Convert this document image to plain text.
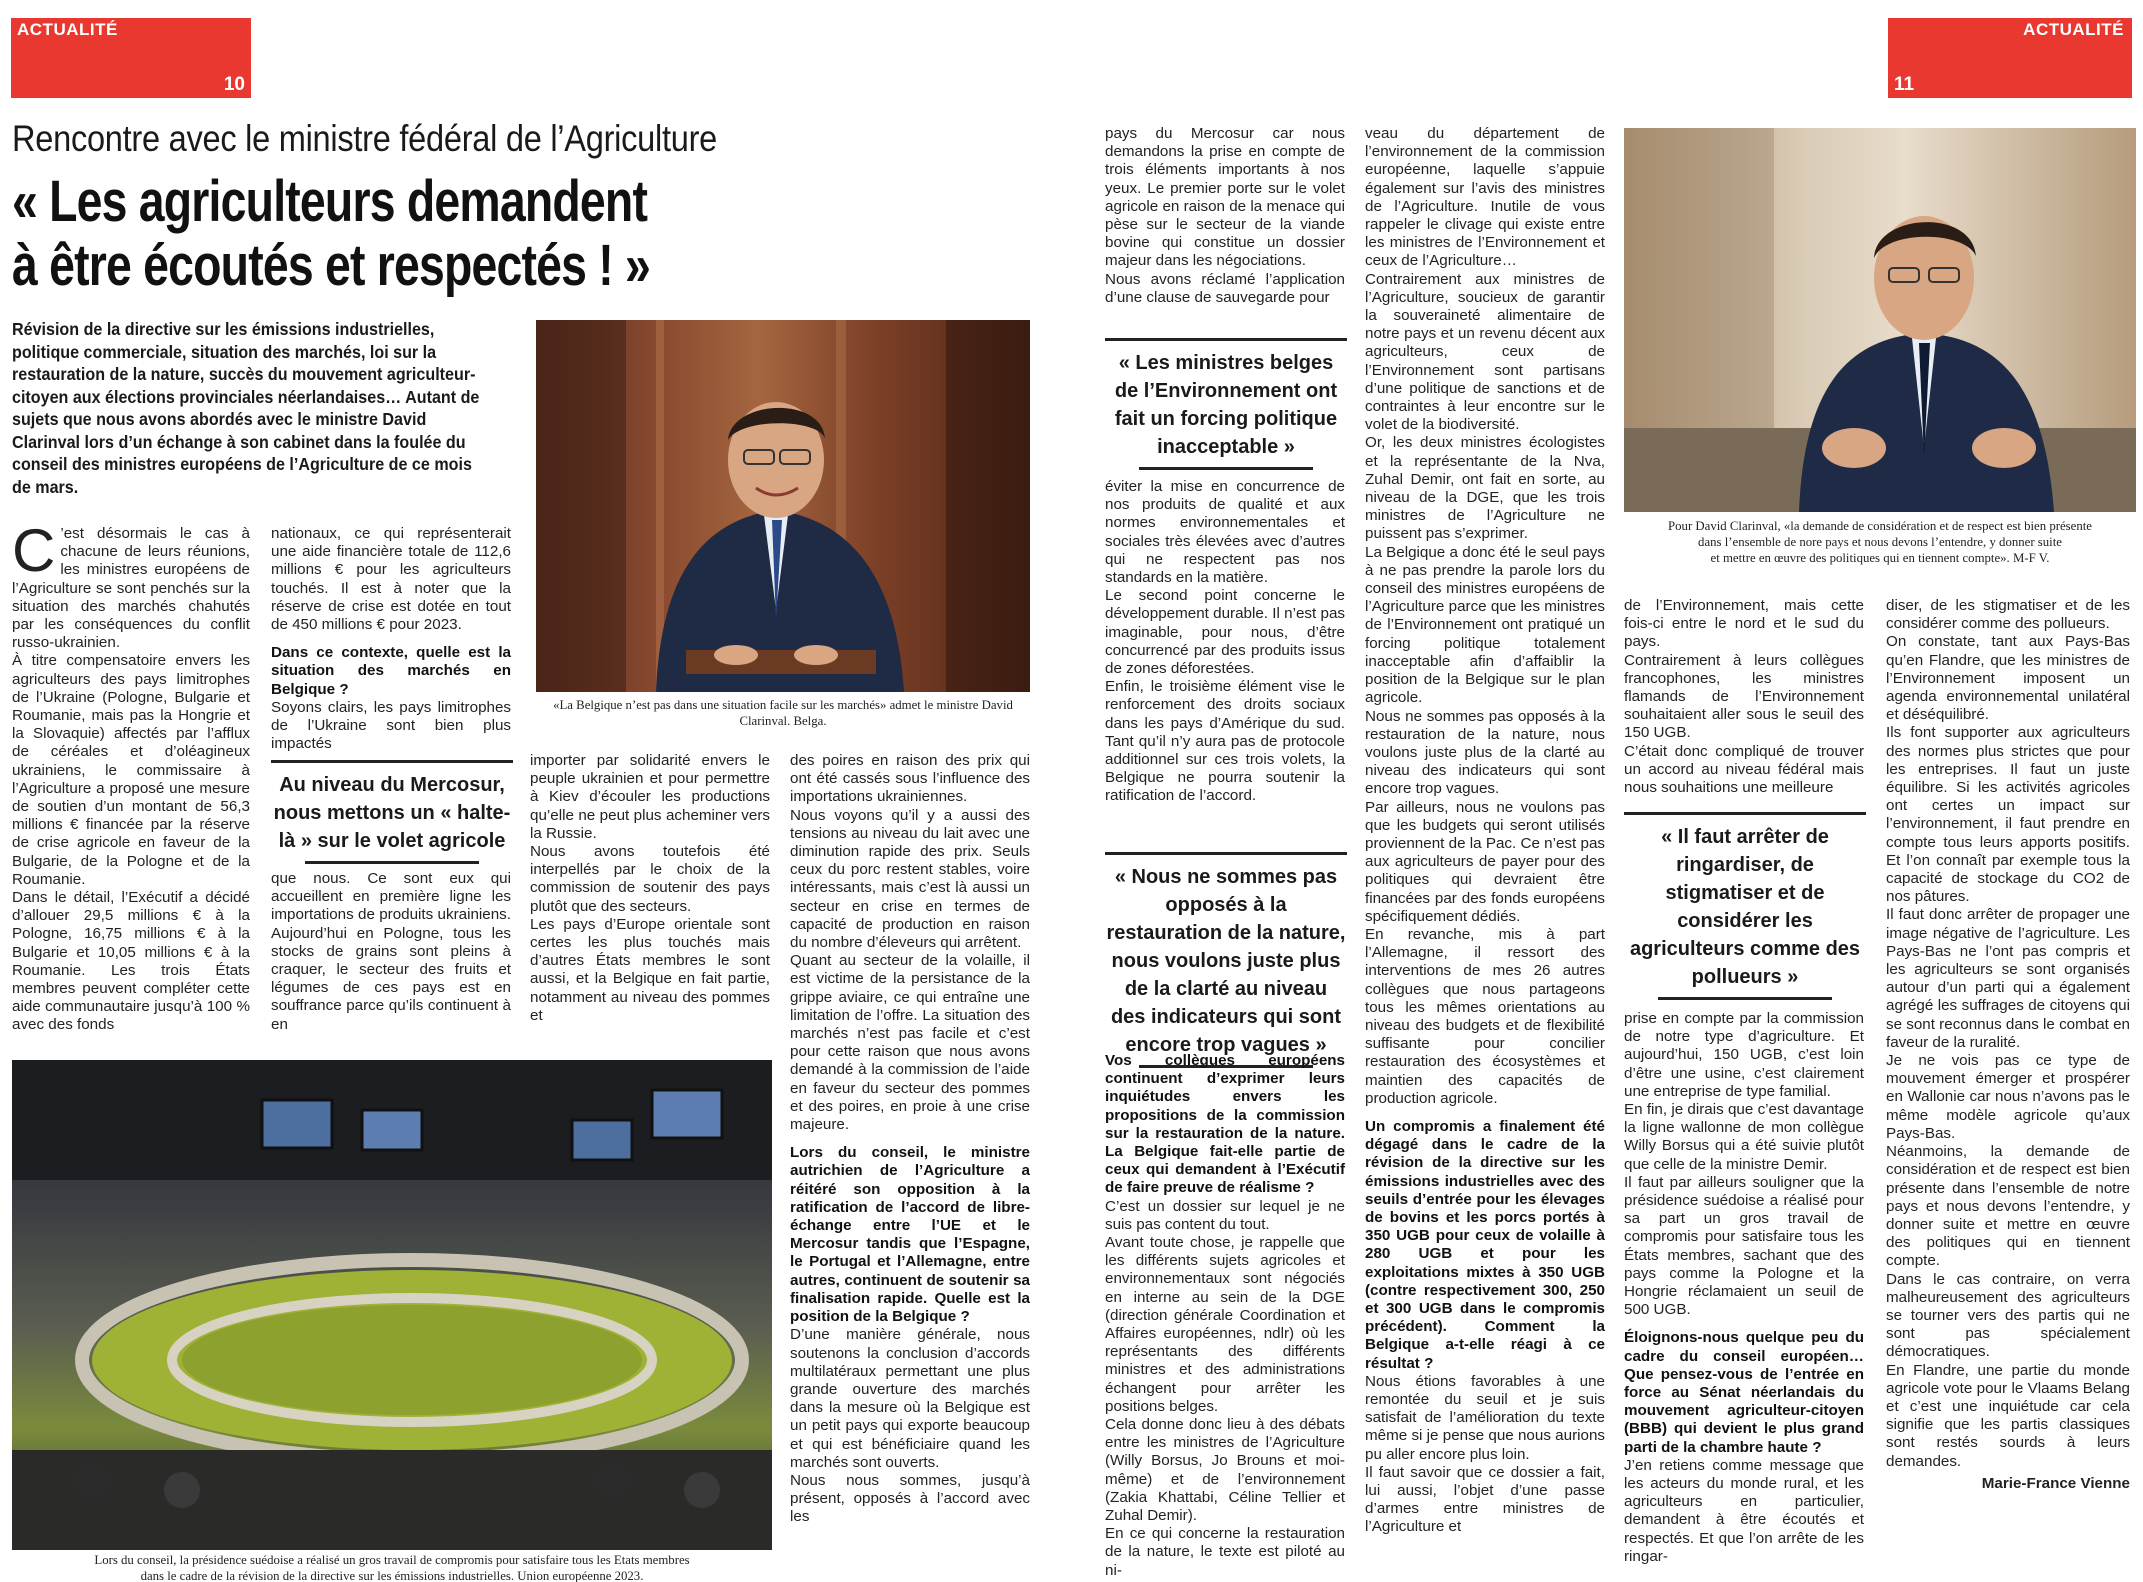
ACTUALITÉ
10
ACTUALITÉ
11
Rencontre avec le ministre fédéral de l’Agriculture
« Les agriculteurs demandent
à être écoutés et respectés ! »
Révision de la directive sur les émissions industrielles, politique commerciale, situation des marchés, loi sur la restauration de la nature, succès du mouvement agriculteur-citoyen aux élections provinciales néerlandaises… Autant de sujets que nous avons abordés avec le ministre David Clarinval lors d’un échange à son cabinet dans la foulée du conseil des ministres européens de l’Agriculture de ce mois de mars.
«La Belgique n’est pas dans une situation facile sur les marchés» admet le ministre David Clarinval. Belga.
Lors du conseil, la présidence suédoise a réalisé un gros travail de compromis pour satisfaire tous les Etats membres
dans le cadre de la révision de la directive sur les émissions industrielles. Union européenne 2023.
Pour David Clarinval, «la demande de considération et de respect est bien présente
dans l’ensemble de nore pays et nous devons l’entendre, y donner suite
et mettre en œuvre des politiques qui en tiennent compte». M-F V.

C ’est désormais le cas à chacune de leurs réunions, les ministres européens de l’Agriculture se sont penchés sur la situation des marchés chahutés par les conséquences du conflit russo-ukrainien.

À titre compensatoire envers les agriculteurs des pays limitrophes de l’Ukraine (Pologne, Bulgarie et Roumanie, mais pas la Hongrie et la Slovaquie) affectés par l’afflux de céréales et d’oléagineux ukrainiens, le commissaire à l’Agriculture a proposé une mesure de soutien d’un montant de 56,3 millions € financée par la réserve de crise agricole en faveur de la Bulgarie, de la Pologne et de la Roumanie.

Dans le détail, l’Exécutif a décidé d’allouer 29,5 millions € à la Pologne, 16,75 millions € à la Bulgarie et 10,05 millions € à la Roumanie. Les trois États membres peuvent compléter cette aide communautaire jusqu’à 100 % avec des fonds

nationaux, ce qui représenterait une aide financière totale de 112,6 millions € pour les agriculteurs touchés. Il est à noter que la réserve de crise est dotée en tout de 450 millions € pour 2023.

Dans ce contexte, quelle est la situation des marchés en Belgique ?

Soyons clairs, les pays limitrophes de l’Ukraine sont bien plus impactés

Au niveau du Mercosur, nous mettons un « halte-là » sur le volet agricole

que nous. Ce sont eux qui accueillent en première ligne les importations de produits ukrainiens. Aujourd’hui en Pologne, tous les stocks de grains sont pleins à craquer, le secteur des fruits et légumes de ces pays est en souffrance parce qu’ils continuent à en

importer par solidarité envers le peuple ukrainien et pour permettre à Kiev d’écouler les productions qu’elle ne peut plus acheminer vers la Russie.

Nous avons toutefois été interpellés par le choix de la commission de soutenir des pays plutôt que des secteurs.

Les pays d’Europe orientale sont certes les plus touchés mais d’autres États membres le sont aussi, et la Belgique en fait partie, notamment au niveau des pommes et

des poires en raison des prix qui ont été cassés sous l’influence des importations ukrainiennes.

Nous voyons qu’il y a aussi des tensions au niveau du lait avec une diminution rapide des prix. Seuls ceux du porc restent stables, voire intéressants, mais c’est là aussi un secteur en crise en termes de capacité de production en raison du nombre d’éleveurs qui arrêtent.

Quant au secteur de la volaille, il est victime de la persistance de la grippe aviaire, ce qui entraîne une limitation de l’offre. La situation des marchés n’est pas facile et c’est pour cette raison que nous avons demandé à la commission de l’aide en faveur du secteur des pommes et des poires, en proie à une crise majeure.

Lors du conseil, le ministre autrichien de l’Agriculture a réitéré son opposition à la ratification de l’accord de libre-échange entre l’UE et le Mercosur tandis que l’Espagne, le Portugal et l’Allemagne, entre autres, continuent de soutenir sa finalisation rapide. Quelle est la position de la Belgique ?

D’une manière générale, nous soutenons la conclusion d’accords multilatéraux permettant une plus grande ouverture des marchés dans la mesure où la Belgique est un petit pays qui exporte beaucoup et qui est bénéficiaire quand les marchés sont ouverts.

Nous nous sommes, jusqu’à présent, opposés à l’accord avec les

pays du Mercosur car nous demandons la prise en compte de trois éléments importants à nos yeux. Le premier porte sur le volet agricole en raison de la menace qui pèse sur le secteur de la viande bovine qui constitue un dossier majeur dans les négociations.

Nous avons réclamé l’application d’une clause de sauvegarde pour

« Les ministres belges de l’Environnement ont fait un forcing politique inacceptable »

éviter la mise en concurrence de nos produits de qualité et aux normes environnementales et sociales très élevées avec d’autres qui ne respectent pas nos standards en la matière.

Le second point concerne le développement durable. Il n’est pas imaginable, pour nous, d’être concurrencé par des produits issus de zones déforestées.

Enfin, le troisième élément vise le renforcement des droits sociaux dans les pays d’Amérique du sud. Tant qu’il n’y aura pas de protocole additionnel sur ces trois volets, la Belgique ne pourra soutenir la ratification de l’accord.

« Nous ne sommes pas opposés à la restauration de la nature, nous voulons juste plus de la clarté au niveau des indicateurs qui sont encore trop vagues »

Vos collègues européens continuent d’exprimer leurs inquiétudes envers les propositions de la commission sur la restauration de la nature. La Belgique fait-elle partie de ceux qui demandent à l’Exécutif de faire preuve de réalisme ?

C’est un dossier sur lequel je ne suis pas content du tout.

Avant toute chose, je rappelle que les différents sujets agricoles et environnementaux sont négociés en interne au sein de la DGE (direction générale Coordination et Affaires européennes, ndlr) où les représentants des différents ministres et des administrations échangent pour arrêter les positions belges.

Cela donne donc lieu à des débats entre les ministres de l’Agriculture (Willy Borsus, Jo Brouns et moi-même) et de l’environnement (Zakia Khattabi, Céline Tellier et Zuhal Demir).

En ce qui concerne la restauration de la nature, le texte est piloté au ni-

veau du département de l’environnement de la commission européenne, laquelle s’appuie également sur l’avis des ministres de l’Agriculture. Inutile de vous rappeler le clivage qui existe entre les ministres de l’Environnement et ceux de l’Agriculture…

Contrairement aux ministres de l’Agriculture, soucieux de garantir la souveraineté alimentaire de notre pays et un revenu décent aux agriculteurs, ceux de l’Environnement sont partisans d’une politique de sanctions et de contraintes à leur encontre sur le volet de la biodiversité.

Or, les deux ministres écologistes et la représentante de la Nva, Zuhal Demir, ont fait en sorte, au niveau de la DGE, que les trois ministres de l’Agriculture ne puissent pas s’exprimer.

La Belgique a donc été le seul pays à ne pas prendre la parole lors du conseil des ministres européens de l’Agriculture parce que les ministres de l’Environnement ont pratiqué un forcing politique totalement inacceptable afin d’affaiblir la position de la Belgique sur le plan agricole.

Nous ne sommes pas opposés à la restauration de la nature, nous voulons juste plus de la clarté au niveau des indicateurs qui sont encore trop vagues.

Par ailleurs, nous ne voulons pas que les budgets qui seront utilisés proviennent de la Pac. Ce n’est pas aux agriculteurs de payer pour des politiques qui devraient être financées par des fonds européens spécifiquement dédiés.

En revanche, mis à part l’Allemagne, il ressort des interventions de mes 26 autres collègues que nous partageons tous les mêmes orientations au niveau des budgets et de flexibilité suffisante pour concilier restauration des écosystèmes et maintien des capacités de production agricole.

Un compromis a finalement été dégagé dans le cadre de la révision de la directive sur les émissions industrielles avec des seuils d’entrée pour les élevages de bovins et les porcs portés à 350 UGB pour ceux de volaille à 280 UGB et pour les exploitations mixtes à 350 UGB (contre respectivement 300, 250 et 300 UGB dans le compromis précédent). Comment la Belgique a-t-elle réagi à ce résultat ?

Nous étions favorables à une remontée du seuil et je suis satisfait de l’amélioration du texte même si je pense que nous aurions pu aller encore plus loin.

Il faut savoir que ce dossier a fait, lui aussi, l’objet d’une passe d’armes entre ministres de l’Agriculture et

de l’Environnement, mais cette fois-ci entre le nord et le sud du pays.

Contrairement à leurs collègues francophones, les ministres flamands de l’Environnement souhaitaient aller sous le seuil des 150 UGB.

C’était donc compliqué de trouver un accord au niveau fédéral mais nous souhaitions une meilleure

« Il faut arrêter de ringardiser, de stigmatiser et de considérer les agriculteurs comme des pollueurs »

prise en compte par la commission de notre type d’agriculture. Et aujourd’hui, 150 UGB, c’est loin d’être une usine, c’est clairement une entreprise de type familial.

En fin, je dirais que c’est davantage la ligne wallonne de mon collègue Willy Borsus qui a été suivie plutôt que celle de la ministre Demir.

Il faut par ailleurs souligner que la présidence suédoise a réalisé pour sa part un gros travail de compromis pour satisfaire tous les États membres, sachant que des pays comme la Pologne et la Hongrie réclamaient un seuil de 500 UGB.

Éloignons-nous quelque peu du cadre du conseil européen… Que pensez-vous de l’entrée en force au Sénat néerlandais du mouvement agriculteur-citoyen (BBB) qui devient le plus grand parti de la chambre haute ?

J’en retiens comme message que les acteurs du monde rural, et les agriculteurs en particulier, demandent à être écoutés et respectés. Et que l’on arrête de les ringar-

diser, de les stigmatiser et de les considérer comme des pollueurs.

On constate, tant aux Pays-Bas qu’en Flandre, que les ministres de l’Environnement imposent un agenda environnemental unilatéral et déséquilibré.

Ils font supporter aux agriculteurs des normes plus strictes que pour les entreprises. Il faut un juste équilibre. Si les activités agricoles ont certes un impact sur l’environnement, il faut prendre en compte tous leurs apports positifs. Et l’on connaît par exemple tous la capacité de stockage du CO2 de nos pâtures.

Il faut donc arrêter de propager une image négative de l’agriculture. Les Pays-Bas ne l’ont pas compris et les agriculteurs se sont organisés autour d’un parti qui a également agrégé les suffrages de citoyens qui se sont reconnus dans le combat en faveur de la ruralité.

Je ne vois pas ce type de mouvement émerger et prospérer en Wallonie car nous n’avons pas le même modèle agricole qu’aux Pays-Bas.

Néanmoins, la demande de considération et de respect est bien présente dans l’ensemble de notre pays et nous devons l’entendre, y donner suite et mettre en œuvre des politiques qui en tiennent compte.

Dans le cas contraire, on verra malheureusement des agriculteurs se tourner vers des partis qui ne sont pas spécialement démocratiques.

En Flandre, une partie du monde agricole vote pour le Vlaams Belang et c’est une inquiétude car cela signifie que les partis classiques sont restés sourds à leurs demandes.

Marie-France Vienne
